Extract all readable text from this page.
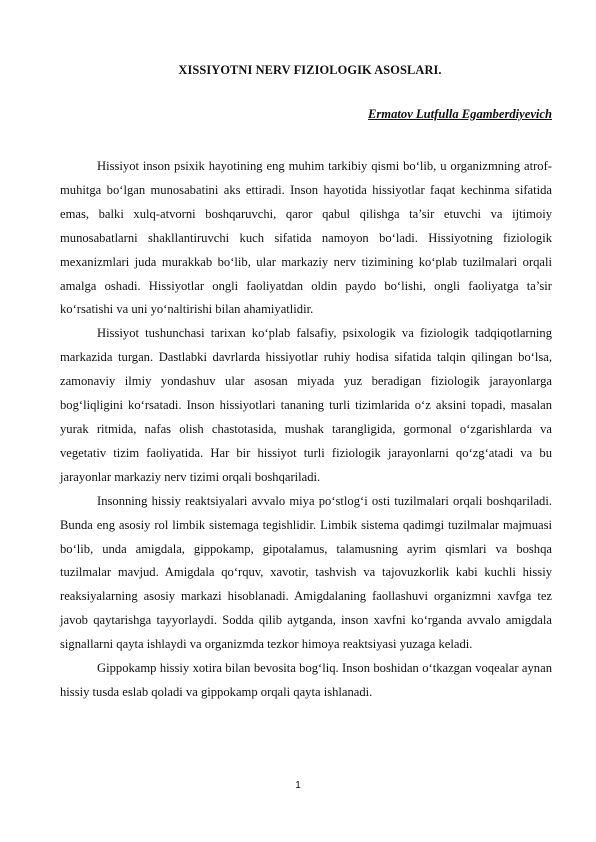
XISSIYOTNI NERV FIZIOLOGIK ASOSLARI.
Ermatov Lutfulla Egamberdiyevich

Hissiyot inson psixik hayotining eng muhim tarkibiy qismi bo‘lib, u organizmning atrof-muhitga bo‘lgan munosabatini aks ettiradi. Inson hayotida hissiyotlar faqat kechinma sifatida emas, balki xulq-atvorni boshqaruvchi, qaror qabul qilishga ta’sir etuvchi va ijtimoiy munosabatlarni shakllantiruvchi kuch sifatida namoyon bo‘ladi. Hissiyotning fiziologik mexanizmlari juda murakkab bo‘lib, ular markaziy nerv tizimining ko‘plab tuzilmalari orqali amalga oshadi. Hissiyotlar ongli faoliyatdan oldin paydo bo‘lishi, ongli faoliyatga ta’sir ko‘rsatishi va uni yo‘naltirishi bilan ahamiyatlidir.

Hissiyot tushunchasi tarixan ko‘plab falsafiy, psixologik va fiziologik tadqiqotlarning markazida turgan. Dastlabki davrlarda hissiyotlar ruhiy hodisa sifatida talqin qilingan bo‘lsa, zamonaviy ilmiy yondashuv ular asosan miyada yuz beradigan fiziologik jarayonlarga bog‘liqligini ko‘rsatadi. Inson hissiyotlari tananing turli tizimlarida o‘z aksini topadi, masalan yurak ritmida, nafas olish chastotasida, mushak tarangligida, gormonal o‘zgarishlarda va vegetativ tizim faoliyatida. Har bir hissiyot turli fiziologik jarayonlarni qo‘zg‘atadi va bu jarayonlar markaziy nerv tizimi orqali boshqariladi.

Insonning hissiy reaktsiyalari avvalo miya po‘stlog‘i osti tuzilmalari orqali boshqariladi. Bunda eng asosiy rol limbik sistemaga tegishlidir. Limbik sistema qadimgi tuzilmalar majmuasi bo‘lib, unda amigdala, gippokamp, gipotalamus, talamusning ayrim qismlari va boshqa tuzilmalar mavjud. Amigdala qo‘rquv, xavotir, tashvish va tajovuzkorlik kabi kuchli hissiy reaksiyalarning asosiy markazi hisoblanadi. Amigdalaning faollashuvi organizmni xavfga tez javob qaytarishga tayyorlaydi. Sodda qilib aytganda, inson xavfni ko‘rganda avvalo amigdala signallarni qayta ishlaydi va organizmda tezkor himoya reaktsiyasi yuzaga keladi.

Gippokamp hissiy xotira bilan bevosita bog‘liq. Inson boshidan o‘tkazgan voqealar aynan hissiy tusda eslab qoladi va gippokamp orqali qayta ishlanadi.

1
